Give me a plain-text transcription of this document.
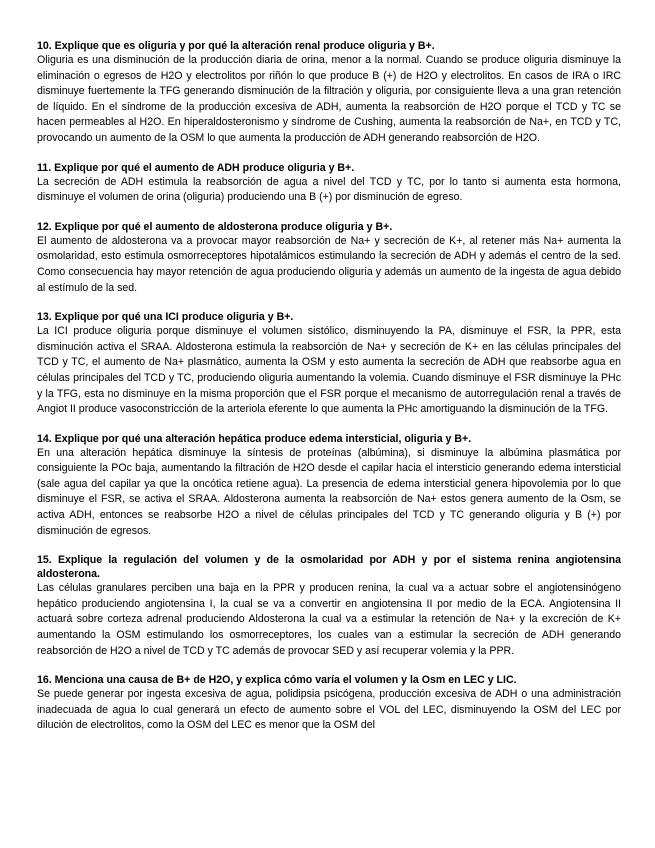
10. Explique que es oliguria y por qué la alteración renal produce oliguria y B+.

Oliguria es una disminución de la producción diaria de orina, menor a la normal. Cuando se produce oliguria disminuye la eliminación o egresos de H2O y electrolitos por riñón lo que produce B (+) de H2O y electrolitos. En casos de IRA o IRC disminuye fuertemente la TFG generando disminución de la filtración y oliguria, por consiguiente lleva a una gran retención de líquido. En el síndrome de la producción excesiva de ADH, aumenta la reabsorción de H2O porque el TCD y TC se hacen permeables al H2O. En hiperaldosteronismo y síndrome de Cushing, aumenta la reabsorción de Na+, en TCD y TC, provocando un aumento de la OSM lo que aumenta la producción de ADH generando reabsorción de H2O.

11. Explique por qué el aumento de ADH produce oliguria y B+.

La secreción de ADH estimula la reabsorción de agua a nivel del TCD y TC, por lo tanto si aumenta esta hormona, disminuye el volumen de orina (oliguria) produciendo una B (+) por disminución de egreso.

12. Explique por qué el aumento de aldosterona produce oliguria y B+.

El aumento de aldosterona va a provocar mayor reabsorción de Na+ y secreción de K+, al retener más Na+ aumenta la osmolaridad, esto estimula osmorreceptores hipotalámicos estimulando la secreción de ADH y además el centro de la sed. Como consecuencia hay mayor retención de agua produciendo oliguria y además un aumento de la ingesta de agua debido al estímulo de la sed.

13. Explique por qué una ICI produce oliguria y B+.

La ICI produce oliguria porque disminuye el volumen sistólico, disminuyendo la PA, disminuye el FSR, la PPR, esta disminución activa el SRAA. Aldosterona estimula la reabsorción de Na+ y secreción de K+ en las células principales del TCD y TC, el aumento de Na+ plasmático, aumenta la OSM y esto aumenta la secreción de ADH que reabsorbe agua en células principales del TCD y TC, produciendo oliguria aumentando la volemia. Cuando disminuye el FSR disminuye la PHc y la TFG, esta no disminuye en la misma proporción que el FSR porque el mecanismo de autorregulación renal a través de Angiot II produce vasoconstricción de la arteriola eferente lo que aumenta la PHc amortiguando la disminución de la TFG.

14. Explique por qué una alteración hepática produce edema intersticial, oliguria y B+.

En una alteración hepática disminuye la síntesis de proteínas (albúmina), si disminuye la albúmina plasmática por consiguiente la POc baja, aumentando la filtración de H2O desde el capilar hacia el intersticio generando edema intersticial (sale agua del capilar ya que la oncótica retiene agua). La presencia de edema intersticial genera hipovolemia por lo que disminuye el FSR, se activa el SRAA. Aldosterona aumenta la reabsorción de Na+ estos genera aumento de la Osm, se activa ADH, entonces se reabsorbe H2O a nivel de células principales del TCD y TC generando oliguria y B (+) por disminución de egresos.

15. Explique la regulación del volumen y de la osmolaridad por ADH y por el sistema renina angiotensina aldosterona.

Las células granulares perciben una baja en la PPR y producen renina, la cual va a actuar sobre el angiotensinógeno hepático produciendo angiotensina I, la cual se va a convertir en angiotensina II por medio de la ECA. Angiotensina II actuará sobre corteza adrenal produciendo Aldosterona la cual va a estimular la retención de Na+ y la excreción de K+ aumentando la OSM estimulando los osmorreceptores, los cuales van a estimular la secreción de ADH generando reabsorción de H2O a nivel de TCD y TC además de provocar SED y así recuperar volemia y la PPR.

16. Menciona una causa de B+ de H2O, y explica cómo varía el volumen y la Osm en LEC y LIC.

Se puede generar por ingesta excesiva de agua, polidipsia psicógena, producción excesiva de ADH o una administración inadecuada de agua lo cual generará un efecto de aumento sobre el VOL del LEC, disminuyendo la OSM del LEC por dilución de electrolitos, como la OSM del LEC es menor que la OSM del
